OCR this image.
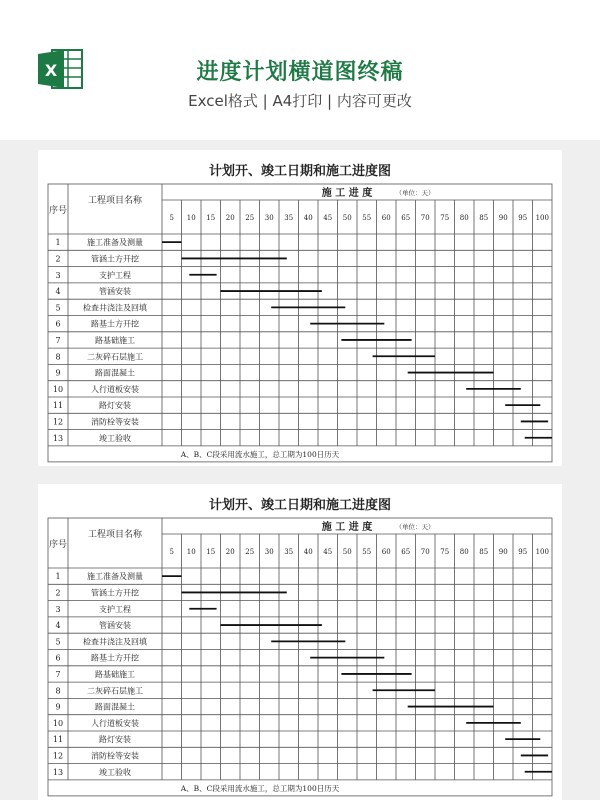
X	进度计划横道图终稿
Excel格式 | A4打印 | 内容可更改
计划开、竣工日期和施工进度图
序号
工程项目名称
施 工 进 度	（单位：天）
5 10 15 20 25 30 35 40 45 50 55 60 65 70 75 80 85 90 95 100
1	施工准备及测量
2	管涵土方开挖
3	支护工程
4	管涵安装
5	检查井浇注及回填
6	路基土方开挖
7	路基础施工
8	二灰碎石层施工
9	路面混凝土
10	人行道板安装
11	路灯安装
12	消防栓等安装
13	竣工验收
A、B、C段采用流水施工，总工期为100日历天
计划开、竣工日期和施工进度图
序号
工程项目名称
施 工 进 度	（单位：天）
5 10 15 20 25 30 35 40 45 50 55 60 65 70 75 80 85 90 95 100
1	施工准备及测量
2	管涵土方开挖
3	支护工程
4	管涵安装
5	检查井浇注及回填
6	路基土方开挖
7	路基础施工
8	二灰碎石层施工
9	路面混凝土
10	人行道板安装
11	路灯安装
12	消防栓等安装
13	竣工验收
A、B、C段采用流水施工，总工期为100日历天
